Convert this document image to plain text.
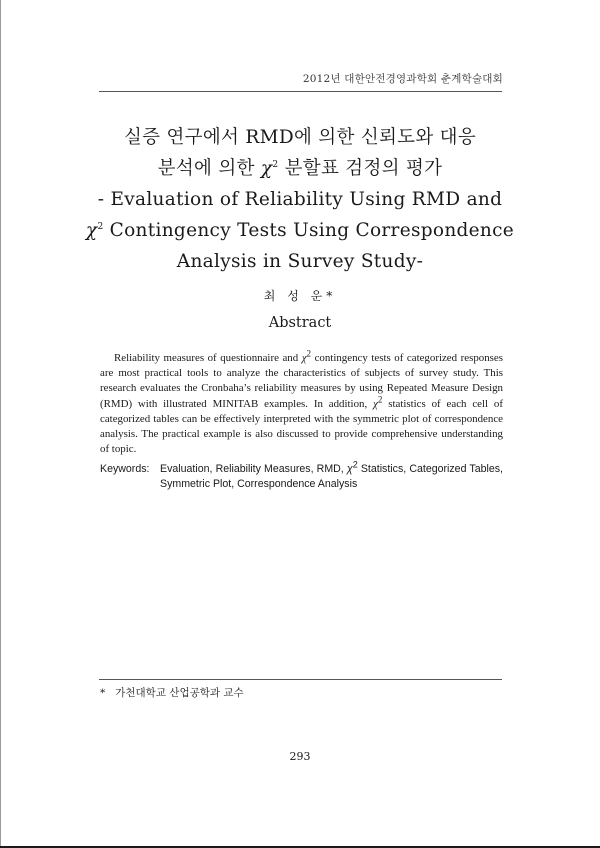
2012년 대한안전경영과학회 춘계학술대회
실증 연구에서 RMD에 의한 신뢰도와 대응
분석에 의한 $\chi^2$ 분할표 검정의 평가
- Evaluation of Reliability Using RMD and
$\chi^2$ Contingency Tests Using Correspondence
Analysis in Survey Study-
최 성 운*
Abstract
Reliability measures of questionnaire and $\chi^2$ contingency tests of categorized responses are most practical tools to analyze the characteristics of subjects of survey study. This research evaluates the Cronbaha’s reliability measures by using Repeated Measure Design (RMD) with illustrated MINITAB examples. In addition, $\chi^2$ statistics of each cell of categorized tables can be effectively interpreted with the symmetric plot of correspondence analysis. The practical example is also discussed to provide comprehensive understanding of topic.
Keywords: Evaluation, Reliability Measures, RMD, $\chi^2$ Statistics, Categorized Tables, Symmetric Plot, Correspondence Analysis
* 가천대학교 산업공학과 교수
293
